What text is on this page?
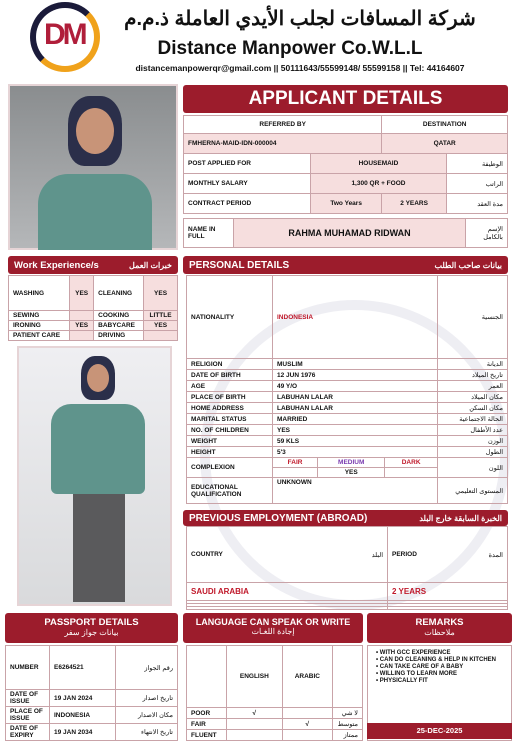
DM شركة المسافات لجلب الأيدي العاملة ذ.م.م
Distance Manpower Co.W.L.L
distancemanpowerqr@gmail.com || 50111643/55599148/ 55599158 || Tel: 44164607
APPLICANT DETAILS
REFERRED BY		DESTINATION	
FMHERNA-MAID-IDN-000004		QATAR	
POST APPLIED FOR	HOUSEMAID		الوظيفة
MONTHLY SALARY	1,300 QR + FOOD		الراتب
CONTRACT PERIOD	Two Years	2 YEARS	مدة العقد
NAME IN FULL	RAHMA MUHAMAD RIDWAN	الإسم بالكامل
Work Experience/s	خبرات العمل
WASHING	YES	CLEANING	YES
SEWING		COOKING	LITTLE
IRONING	YES	BABYCARE	YES
PATIENT CARE		DRIVING	
PERSONAL DETAILS	بيانات صاحب الطلب
NATIONALITY	INDONESIA			الجنسية
RELIGION	MUSLIM			الديانة
DATE OF BIRTH	12 JUN 1976			تاريخ الميلاد
AGE	49 Y/O			العمر
PLACE OF BIRTH	LABUHAN LALAR			مكان الميلاد
HOME ADDRESS	LABUHAN LALAR			مكان السكن
MARITAL STATUS	MARRIED			الحالة الاجتماعية
NO. OF CHILDREN	YES			عدد الأطفال
WEIGHT	59 KLS			الوزن
HEIGHT	5'3			الطول
COMPLEXION	FAIR	MEDIUM	DARK	اللون
		YES		
EDUCATIONAL QUALIFICATION	UNKNOWN			المستوى التعليمي
PREVIOUS EMPLOYMENT (ABROAD)	الخبرة السابقة خارج البلد
COUNTRY	البلد	PERIOD	المدة
SAUDI ARABIA		2 YEARS	

PASSPORT DETAILS
بيانات جواز سفر
NUMBER	E6264521	رقم الجواز
DATE OF ISSUE	19 JAN 2024	تاريخ اصدار
PLACE OF ISSUE	INDONESIA	مكان الاصدار
DATE OF EXPIRY	19 JAN 2034	تاريخ الانتهاء
LANGUAGE CAN SPEAK OR WRITE
إجادة اللغـات
	ENGLISH	ARABIC	
POOR	√		لا شي
FAIR		√	متوسط
FLUENT			ممتاز
REMARKS
ملاحظات
• WITH GCC EXPERIENCE
• CAN DO CLEANING & HELP IN KITCHEN
• CAN TAKE CARE OF A BABY
• WILLING TO LEARN MORE
• PHYSICALLY FIT
25-DEC-2025
